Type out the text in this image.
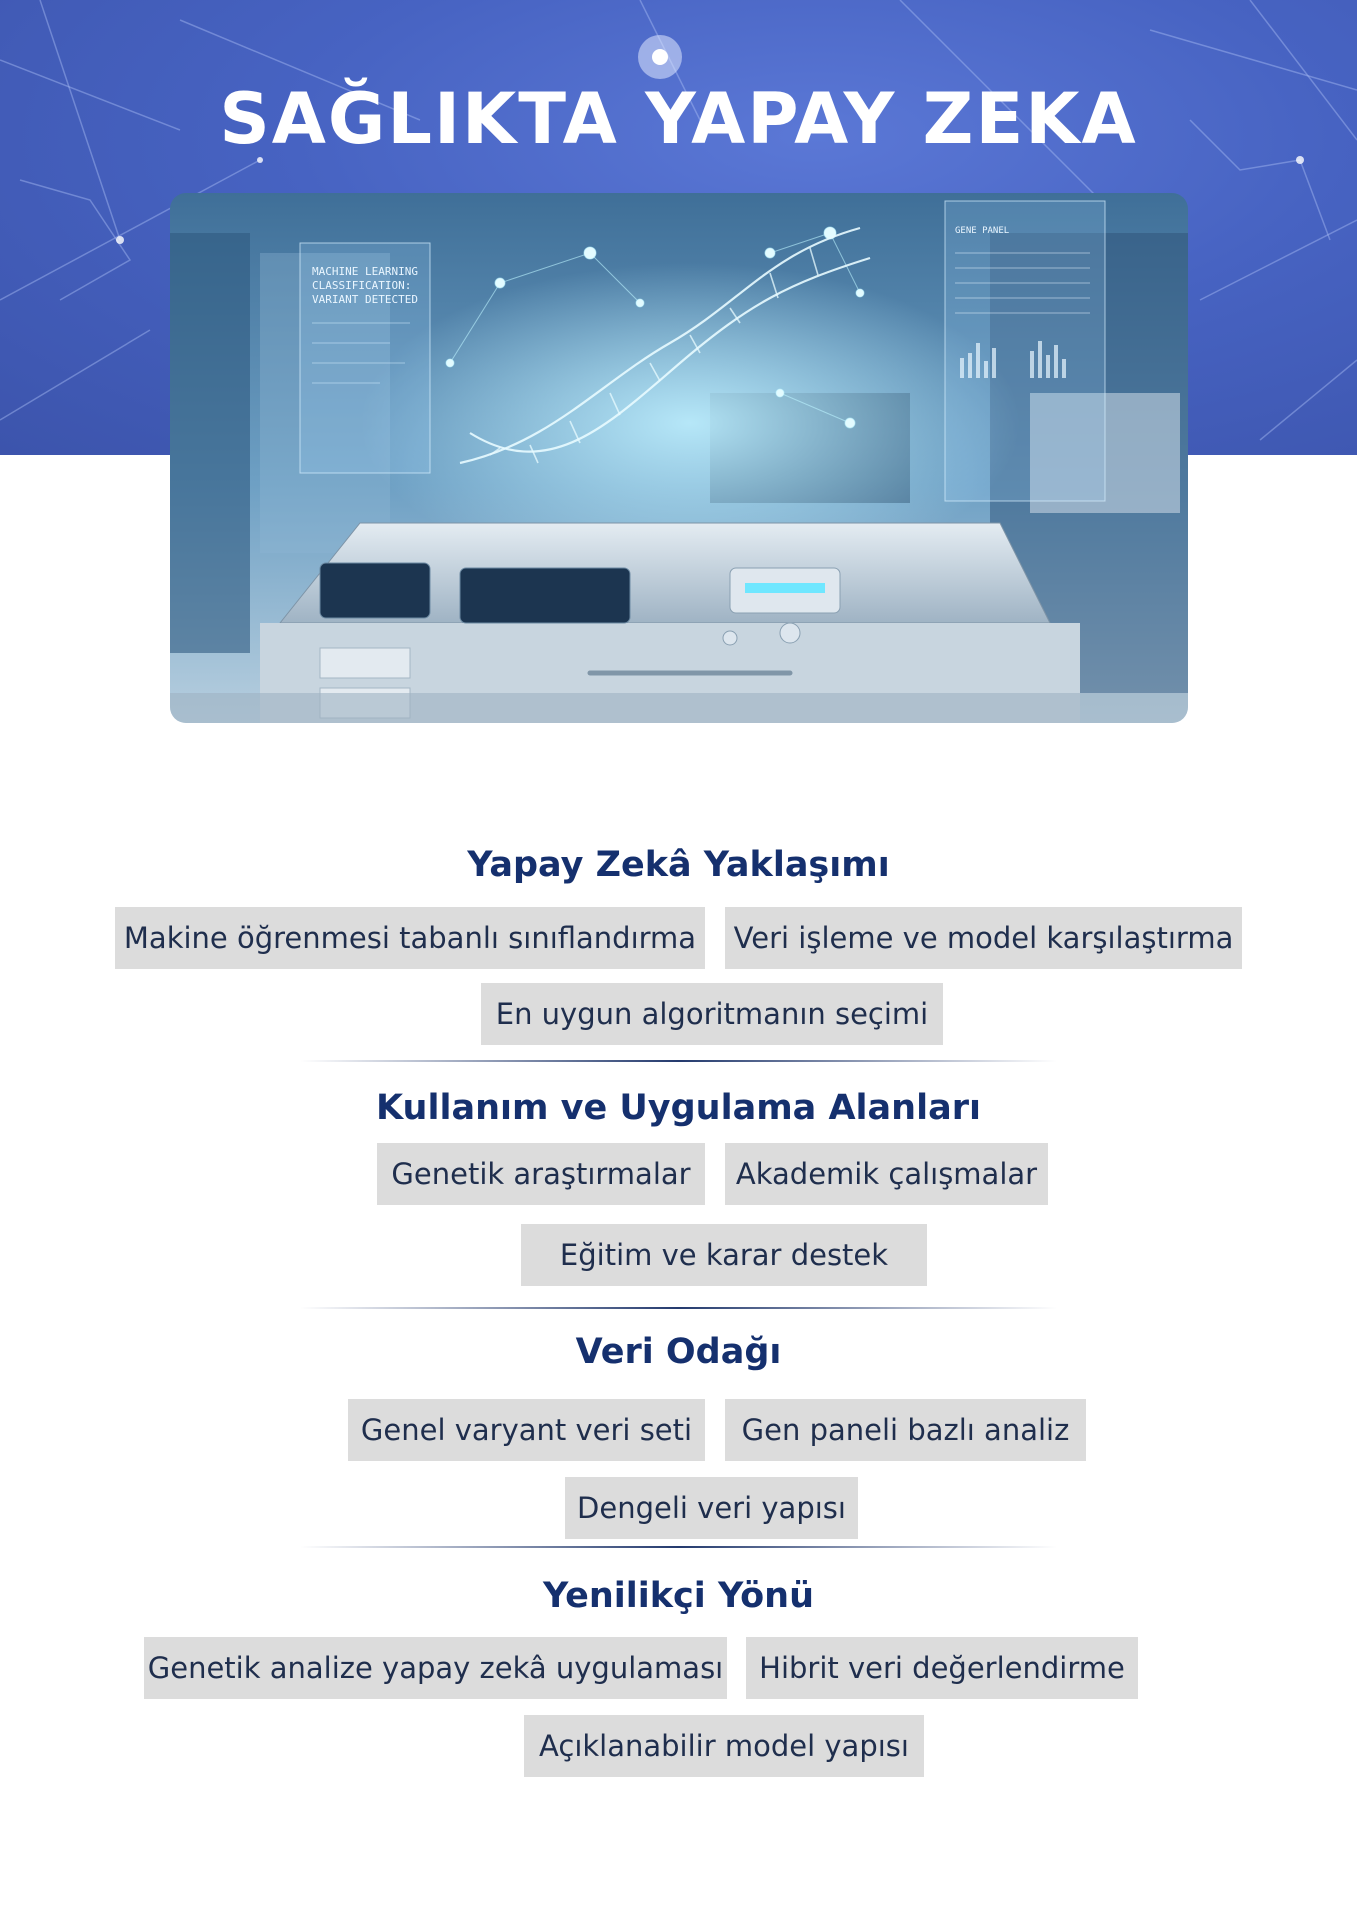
SAĞLIKTA YAPAY ZEKA
MACHINE LEARNING
CLASSIFICATION:
VARIANT DETECTED
GENE PANEL
Yapay Zekâ Yaklaşımı
Makine öğrenmesi tabanlı sınıflandırma	Veri işleme ve model karşılaştırma
En uygun algoritmanın seçimi
Kullanım ve Uygulama Alanları
Genetik araştırmalar	Akademik çalışmalar
Eğitim ve karar destek
Veri Odağı
Genel varyant veri seti	Gen paneli bazlı analiz
Dengeli veri yapısı
Yenilikçi Yönü
Genetik analize yapay zekâ uygulaması	Hibrit veri değerlendirme
Açıklanabilir model yapısı
